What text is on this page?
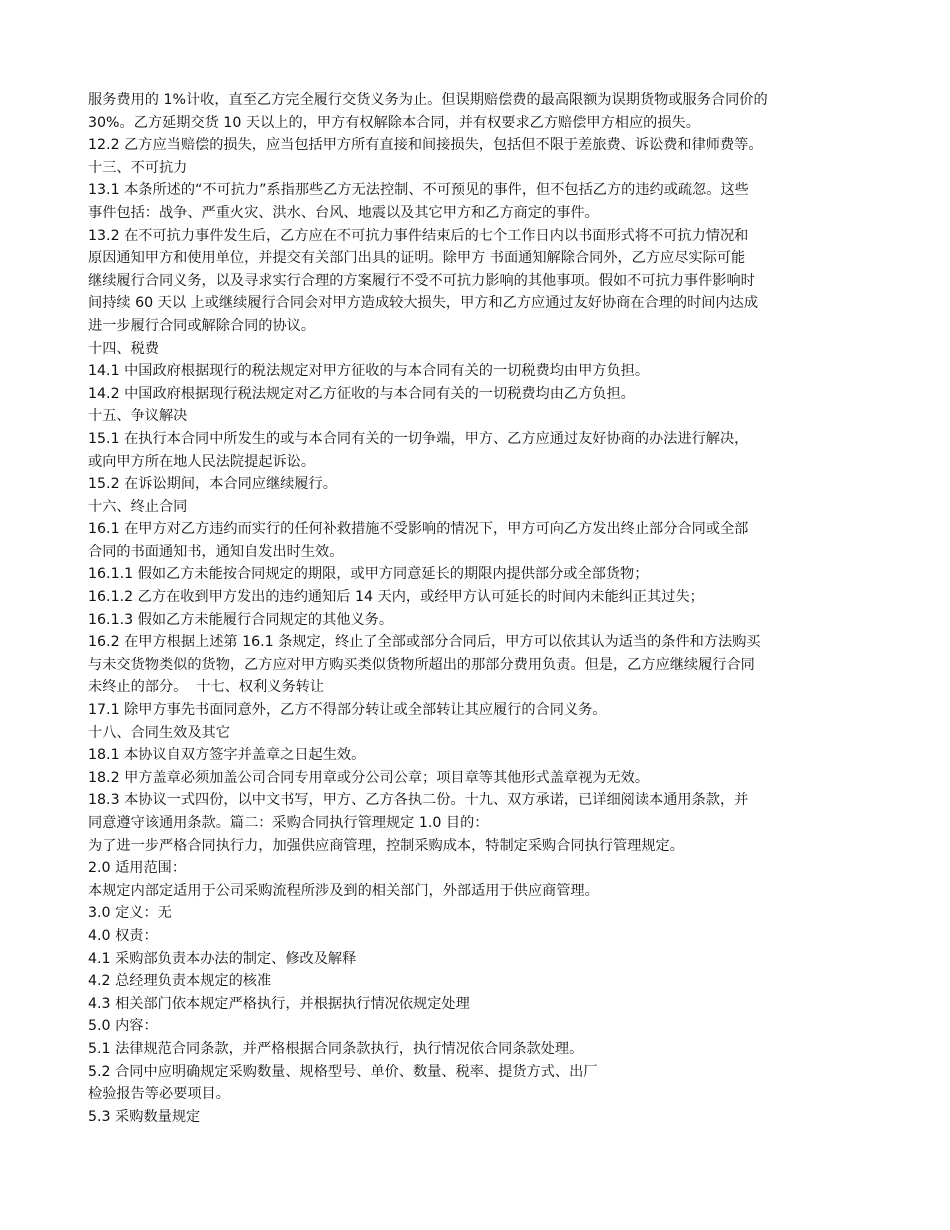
服务费用的 1%计收，直至乙方完全履行交货义务为止。但误期赔偿费的最高限额为误期货物或服务合同价的
30%。乙方延期交货 10 天以上的，甲方有权解除本合同，并有权要求乙方赔偿甲方相应的损失。
12.2 乙方应当赔偿的损失，应当包括甲方所有直接和间接损失，包括但不限于差旅费、诉讼费和律师费等。
十三、不可抗力
13.1 本条所述的“不可抗力”系指那些乙方无法控制、不可预见的事件，但不包括乙方的违约或疏忽。这些
事件包括：战争、严重火灾、洪水、台风、地震以及其它甲方和乙方商定的事件。
13.2 在不可抗力事件发生后，乙方应在不可抗力事件结束后的七个工作日内以书面形式将不可抗力情况和
原因通知甲方和使用单位，并提交有关部门出具的证明。除甲方 书面通知解除合同外，乙方应尽实际可能
继续履行合同义务，以及寻求实行合理的方案履行不受不可抗力影响的其他事项。假如不可抗力事件影响时
间持续 60 天以 上或继续履行合同会对甲方造成较大损失，甲方和乙方应通过友好协商在合理的时间内达成
进一步履行合同或解除合同的协议。
十四、税费
14.1 中国政府根据现行的税法规定对甲方征收的与本合同有关的一切税费均由甲方负担。
14.2 中国政府根据现行税法规定对乙方征收的与本合同有关的一切税费均由乙方负担。
十五、争议解决
15.1 在执行本合同中所发生的或与本合同有关的一切争端，甲方、乙方应通过友好协商的办法进行解决，
或向甲方所在地人民法院提起诉讼。
15.2 在诉讼期间，本合同应继续履行。
十六、终止合同
16.1 在甲方对乙方违约而实行的任何补救措施不受影响的情况下，甲方可向乙方发出终止部分合同或全部
合同的书面通知书，通知自发出时生效。
16.1.1 假如乙方未能按合同规定的期限，或甲方同意延长的期限内提供部分或全部货物；
16.1.2 乙方在收到甲方发出的违约通知后 14 天内，或经甲方认可延长的时间内未能纠正其过失；
16.1.3 假如乙方未能履行合同规定的其他义务。
16.2 在甲方根据上述第 16.1 条规定，终止了全部或部分合同后，甲方可以依其认为适当的条件和方法购买
与未交货物类似的货物，乙方应对甲方购买类似货物所超出的那部分费用负责。但是，乙方应继续履行合同
未终止的部分。  十七、权利义务转让
17.1 除甲方事先书面同意外，乙方不得部分转让或全部转让其应履行的合同义务。
十八、合同生效及其它
18.1 本协议自双方签字并盖章之日起生效。
18.2 甲方盖章必须加盖公司合同专用章或分公司公章；项目章等其他形式盖章视为无效。
18.3 本协议一式四份，以中文书写，甲方、乙方各执二份。十九、双方承诺，已详细阅读本通用条款，并
同意遵守该通用条款。篇二：采购合同执行管理规定 1.0 目的：
为了进一步严格合同执行力，加强供应商管理，控制采购成本，特制定采购合同执行管理规定。
2.0 适用范围：
本规定内部定适用于公司采购流程所涉及到的相关部门，外部适用于供应商管理。
3.0 定义：无
4.0 权责：
4.1 采购部负责本办法的制定、修改及解释
4.2 总经理负责本规定的核准
4.3 相关部门依本规定严格执行，并根据执行情况依规定处理
5.0 内容：
5.1 法律规范合同条款，并严格根据合同条款执行，执行情况依合同条款处理。
5.2 合同中应明确规定采购数量、规格型号、单价、数量、税率、提货方式、出厂
检验报告等必要项目。
5.3 采购数量规定
